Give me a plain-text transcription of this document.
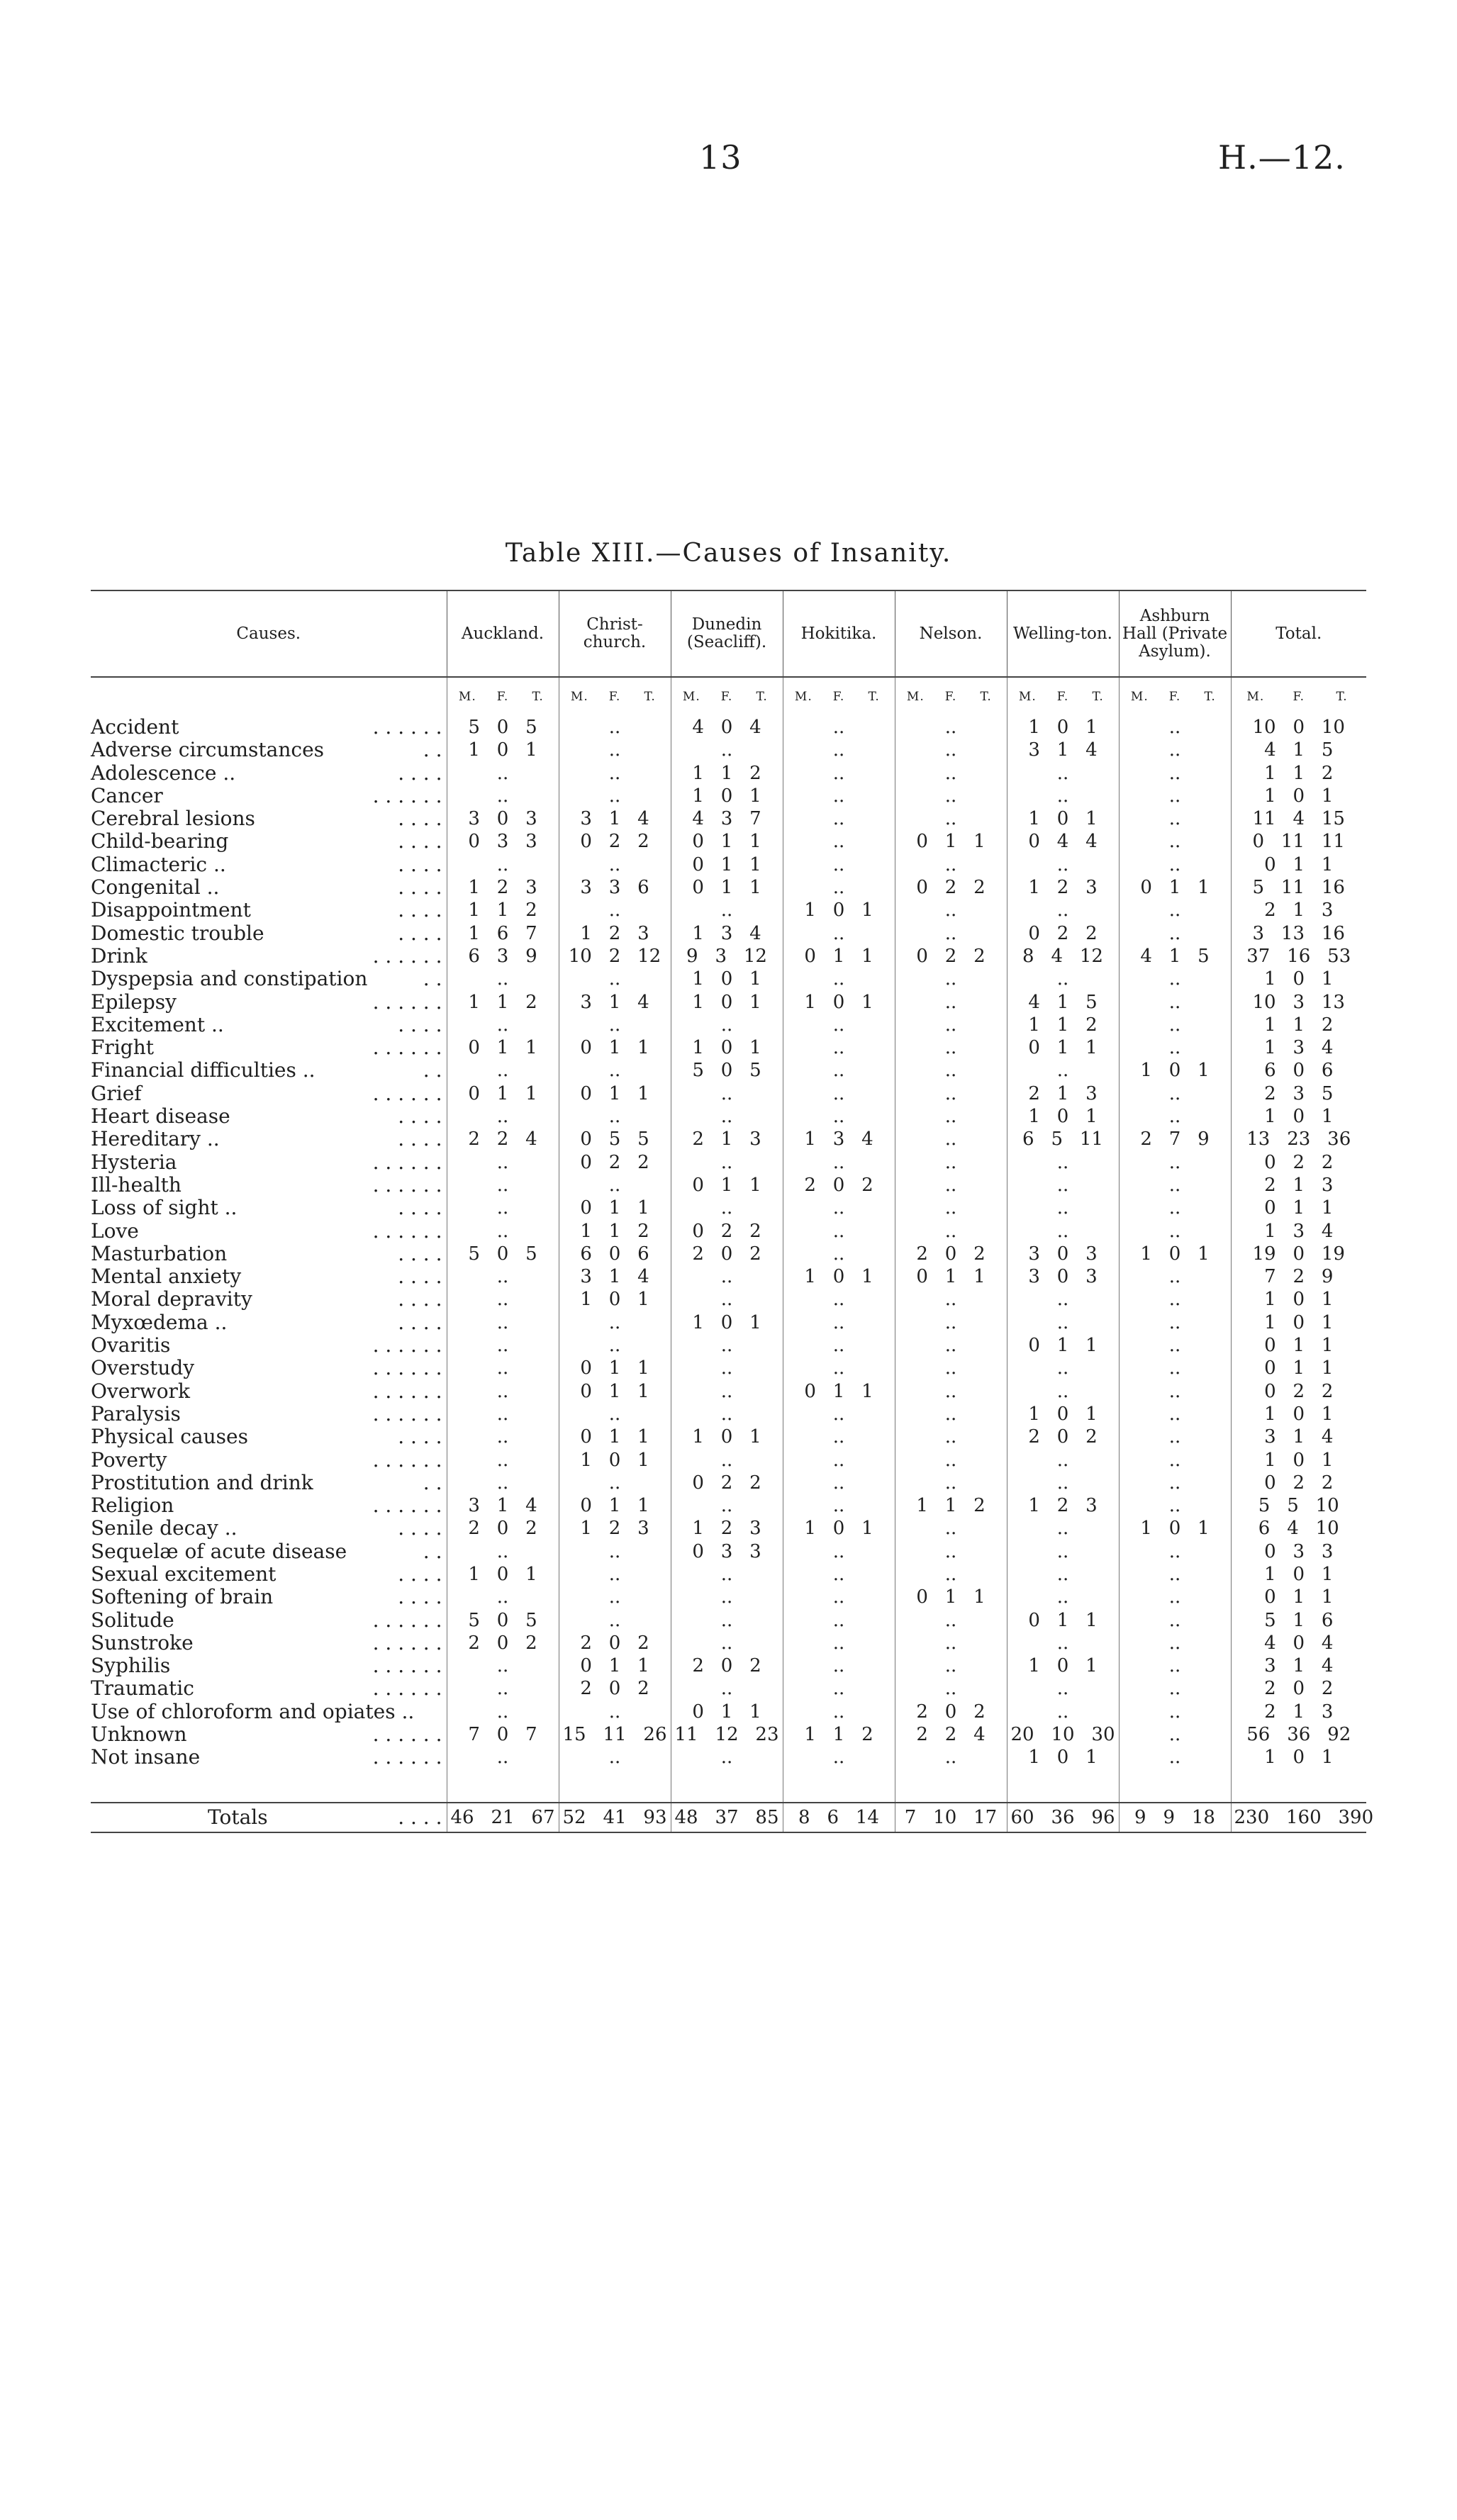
13	H.—12.
Table XIII.—Causes of Insanity.
Causes.	Auckland.	Christ-church.	Dunedin (Seacliff).	Hokitika.	Nelson.	Welling-ton.	Ashburn Hall (Private Asylum).	Total.

	M. F. T.	M. F. T.	M. F. T.	M. F. T.	M. F. T.	M. F. T.	M. F. T.	M. F. T.

Accident . . . . . .	5 0 5	..	4 0 4	..	..	1 0 1	..	10 0 10

Adverse circumstances . .	1 0 1	..	..	..	..	3 1 4	..	4 1 5

Adolescence .. . . . .	..	..	1 1 2	..	..	..	..	1 1 2

Cancer . . . . . .	..	..	1 0 1	..	..	..	..	1 0 1

Cerebral lesions . . . .	3 0 3	3 1 4	4 3 7	..	..	1 0 1	..	11 4 15

Child-bearing . . . .	0 3 3	0 2 2	0 1 1	..	0 1 1	0 4 4	..	0 11 11

Climacteric .. . . . .	..	..	0 1 1	..	..	..	..	0 1 1

Congenital .. . . . .	1 2 3	3 3 6	0 1 1	..	0 2 2	1 2 3	0 1 1	5 11 16

Disappointment . . . .	1 1 2	..	..	1 0 1	..	..	..	2 1 3

Domestic trouble . . . .	1 6 7	1 2 3	1 3 4	..	..	0 2 2	..	3 13 16

Drink . . . . . .	6 3 9	10 2 12	9 3 12	0 1 1	0 2 2	8 4 12	4 1 5	37 16 53

Dyspepsia and constipation . .	..	..	1 0 1	..	..	..	..	1 0 1

Epilepsy . . . . . .	1 1 2	3 1 4	1 0 1	1 0 1	..	4 1 5	..	10 3 13

Excitement .. . . . .	..	..	..	..	..	1 1 2	..	1 1 2

Fright . . . . . .	0 1 1	0 1 1	1 0 1	..	..	0 1 1	..	1 3 4

Financial difficulties .. . .	..	..	5 0 5	..	..	..	1 0 1	6 0 6

Grief . . . . . .	0 1 1	0 1 1	..	..	..	2 1 3	..	2 3 5

Heart disease . . . .	..	..	..	..	..	1 0 1	..	1 0 1

Hereditary .. . . . .	2 2 4	0 5 5	2 1 3	1 3 4	..	6 5 11	2 7 9	13 23 36

Hysteria . . . . . .	..	0 2 2	..	..	..	..	..	0 2 2

Ill-health . . . . . .	..	..	0 1 1	2 0 2	..	..	..	2 1 3

Loss of sight .. . . . .	..	0 1 1	..	..	..	..	..	0 1 1

Love . . . . . .	..	1 1 2	0 2 2	..	..	..	..	1 3 4

Masturbation . . . .	5 0 5	6 0 6	2 0 2	..	2 0 2	3 0 3	1 0 1	19 0 19

Mental anxiety . . . .	..	3 1 4	..	1 0 1	0 1 1	3 0 3	..	7 2 9

Moral depravity . . . .	..	1 0 1	..	..	..	..	..	1 0 1

Myxœdema .. . . . .	..	..	1 0 1	..	..	..	..	1 0 1

Ovaritis . . . . . .	..	..	..	..	..	0 1 1	..	0 1 1

Overstudy . . . . . .	..	0 1 1	..	..	..	..	..	0 1 1

Overwork . . . . . .	..	0 1 1	..	0 1 1	..	..	..	0 2 2

Paralysis . . . . . .	..	..	..	..	..	1 0 1	..	1 0 1

Physical causes . . . .	..	0 1 1	1 0 1	..	..	2 0 2	..	3 1 4

Poverty . . . . . .	..	1 0 1	..	..	..	..	..	1 0 1

Prostitution and drink . .	..	..	0 2 2	..	..	..	..	0 2 2

Religion . . . . . .	3 1 4	0 1 1	..	..	1 1 2	1 2 3	..	5 5 10

Senile decay .. . . . .	2 0 2	1 2 3	1 2 3	1 0 1	..	..	1 0 1	6 4 10

Sequelæ of acute disease . .	..	..	0 3 3	..	..	..	..	0 3 3

Sexual excitement . . . .	1 0 1	..	..	..	..	..	..	1 0 1

Softening of brain . . . .	..	..	..	..	0 1 1	..	..	0 1 1

Solitude . . . . . .	5 0 5	..	..	..	..	0 1 1	..	5 1 6

Sunstroke . . . . . .	2 0 2	2 0 2	..	..	..	..	..	4 0 4

Syphilis . . . . . .	..	0 1 1	2 0 2	..	..	1 0 1	..	3 1 4

Traumatic . . . . . .	..	2 0 2	..	..	..	..	..	2 0 2

Use of chloroform and opiates ..	..	..	0 1 1	..	2 0 2	..	..	2 1 3

Unknown . . . . . .	7 0 7	15 11 26	11 12 23	1 1 2	2 2 4	20 10 30	..	56 36 92

Not insane . . . . . .	..	..	..	..	..	1 0 1	..	1 0 1

Totals . . . .	46 21 67	52 41 93	48 37 85	8 6 14	7 10 17	60 36 96	9 9 18	230 160 390
